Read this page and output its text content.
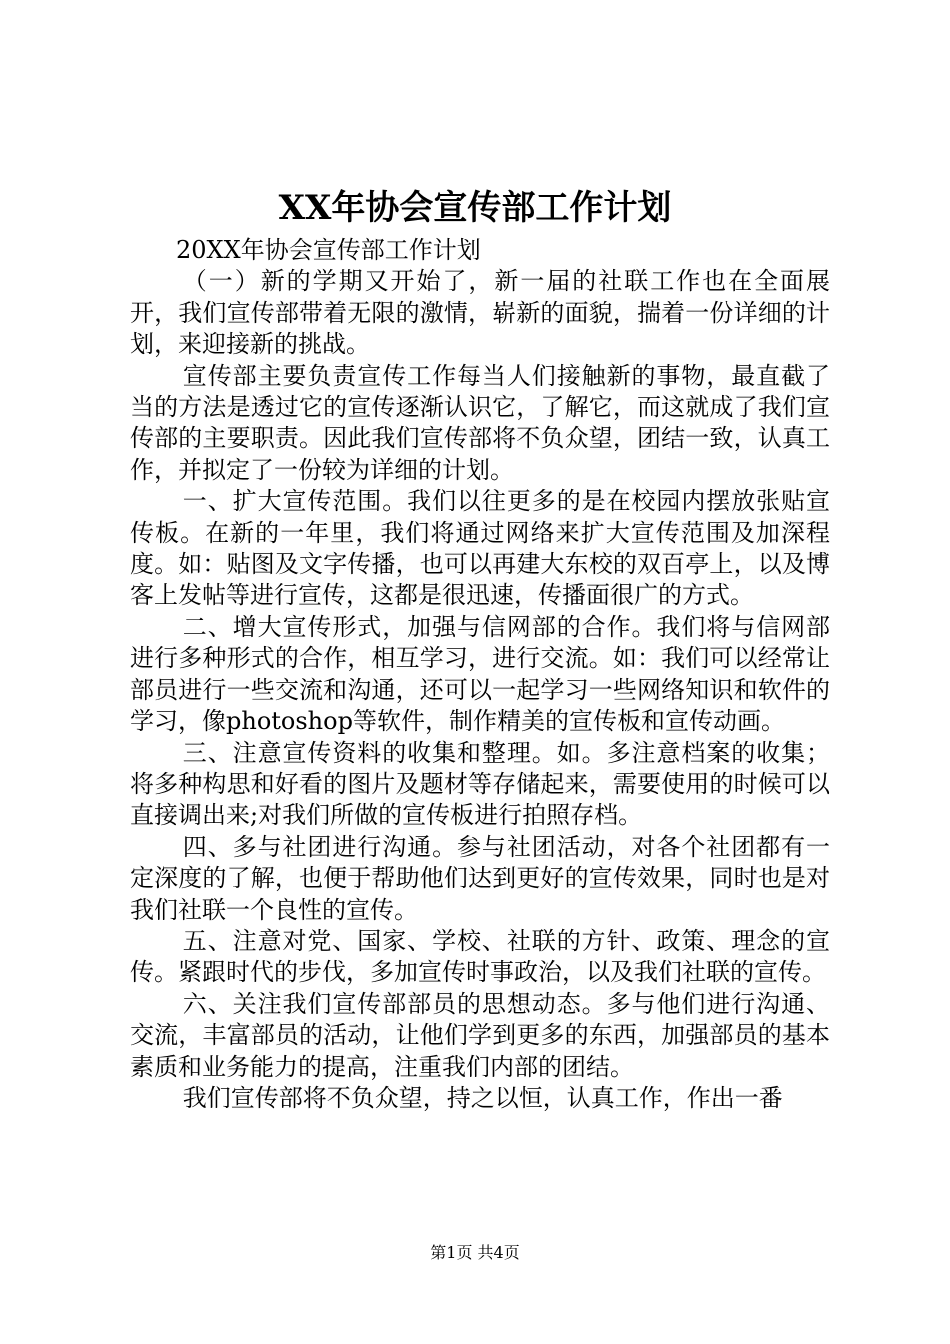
XX年协会宣传部工作计划

20XX年协会宣传部工作计划

（一）新的学期又开始了，新一届的社联工作也在全面展开，我们宣传部带着无限的激情，崭新的面貌，揣着一份详细的计划，来迎接新的挑战。

宣传部主要负责宣传工作每当人们接触新的事物，最直截了当的方法是透过它的宣传逐渐认识它，了解它，而这就成了我们宣传部的主要职责。因此我们宣传部将不负众望，团结一致，认真工作，并拟定了一份较为详细的计划。

一、扩大宣传范围。我们以往更多的是在校园内摆放张贴宣传板。在新的一年里，我们将通过网络来扩大宣传范围及加深程度。如：贴图及文字传播，也可以再建大东校的双百亭上，以及博客上发帖等进行宣传，这都是很迅速，传播面很广的方式。

二、增大宣传形式，加强与信网部的合作。我们将与信网部进行多种形式的合作，相互学习，进行交流。如：我们可以经常让部员进行一些交流和沟通，还可以一起学习一些网络知识和软件的学习，像photoshop等软件，制作精美的宣传板和宣传动画。

三、注意宣传资料的收集和整理。如。多注意档案的收集；将多种构思和好看的图片及题材等存储起来，需要使用的时候可以直接调出来;对我们所做的宣传板进行拍照存档。

四、多与社团进行沟通。参与社团活动，对各个社团都有一定深度的了解，也便于帮助他们达到更好的宣传效果，同时也是对我们社联一个良性的宣传。

五、注意对党、国家、学校、社联的方针、政策、理念的宣传。紧跟时代的步伐，多加宣传时事政治，以及我们社联的宣传。

六、关注我们宣传部部员的思想动态。多与他们进行沟通、交流，丰富部员的活动，让他们学到更多的东西，加强部员的基本素质和业务能力的提高，注重我们内部的团结。

我们宣传部将不负众望，持之以恒，认真工作，作出一番

第1页 共4页
